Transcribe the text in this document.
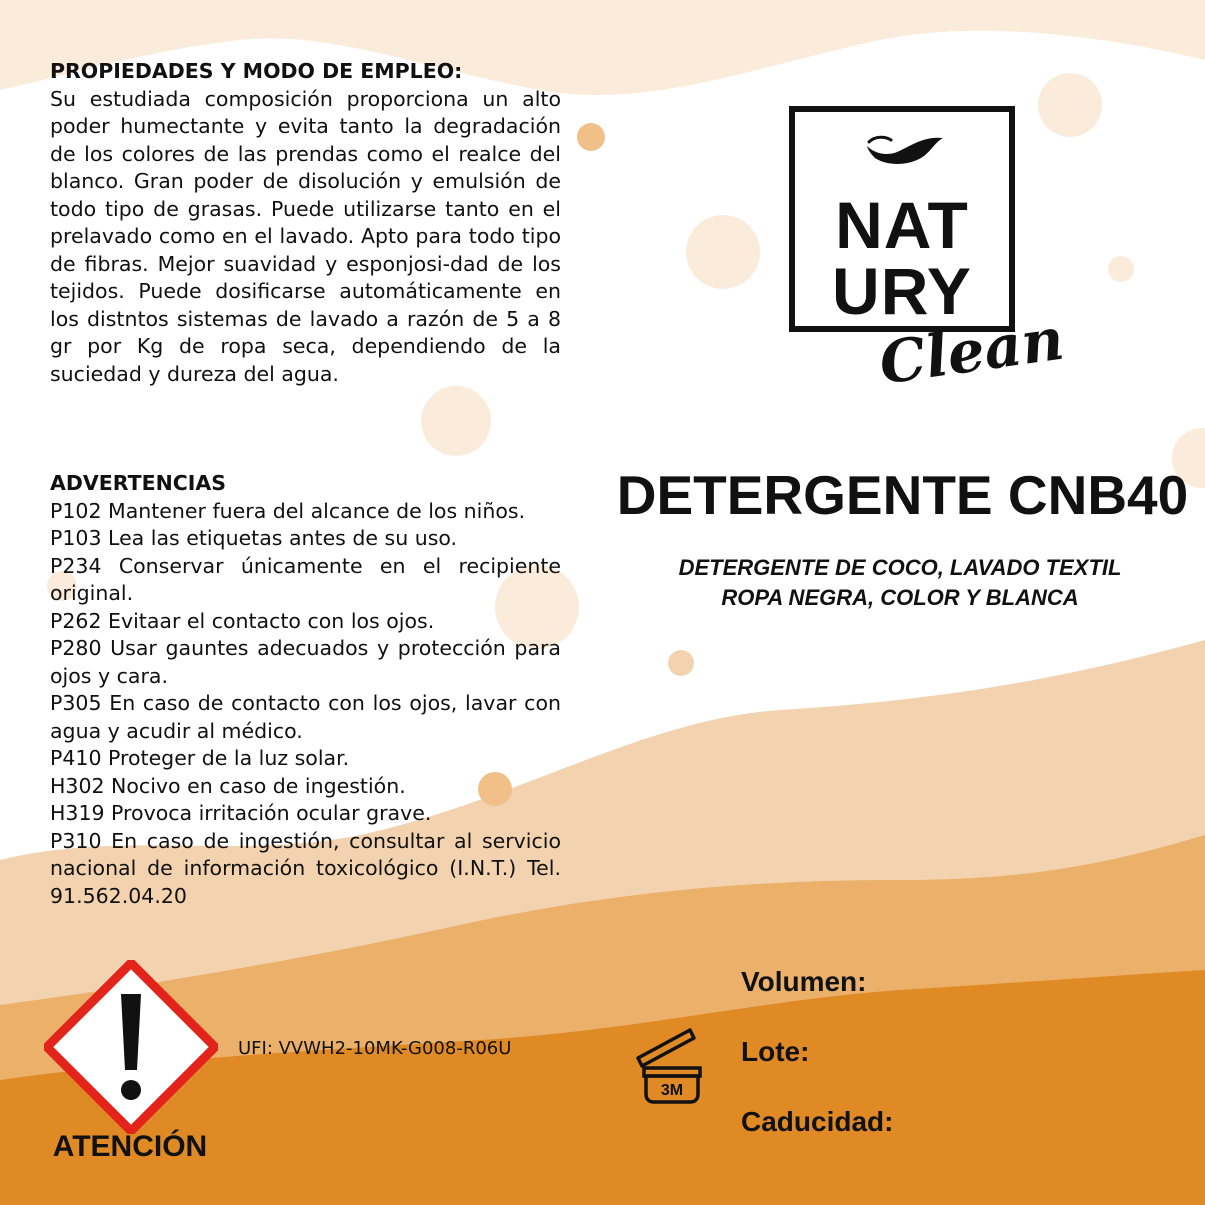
PROPIEDADES Y MODO DE EMPLEO:
Su estudiada composición proporciona un alto poder humectante y evita tanto la degradación de los colores de las prendas como el realce del blanco. Gran poder de disolución y emulsión de todo tipo de grasas. Puede utilizarse tanto en el prelavado como en el lavado. Apto para todo tipo de fibras. Mejor suavidad y esponjosi-dad de los tejidos. Puede dosificarse automáticamente en los distntos sistemas de lavado a razón de 5 a 8 gr por Kg de ropa seca, dependiendo de la suciedad y dureza del agua.
ADVERTENCIAS
P102 Mantener fuera del alcance de los niños.
P103 Lea las etiquetas antes de su uso.
P234 Conservar únicamente en el recipiente original.
P262 Evitaar el contacto con los ojos.
P280 Usar gauntes adecuados y protección para ojos y cara.
P305 En caso de contacto con los ojos, lavar con agua y acudir al médico.
P410 Proteger de la luz solar.
H302 Nocivo en caso de ingestión.
H319 Provoca irritación ocular grave.
P310 En caso de ingestión, consultar al servicio nacional de información toxicológico (I.N.T.) Tel. 91.562.04.20
NAT
URY
Clean
DETERGENTE CNB40
DETERGENTE DE COCO, LAVADO TEXTIL
ROPA NEGRA, COLOR Y BLANCA
ATENCIÓN
UFI: VVWH2-10MK-G008-R06U
3M
Volumen:
Lote:
Caducidad:
